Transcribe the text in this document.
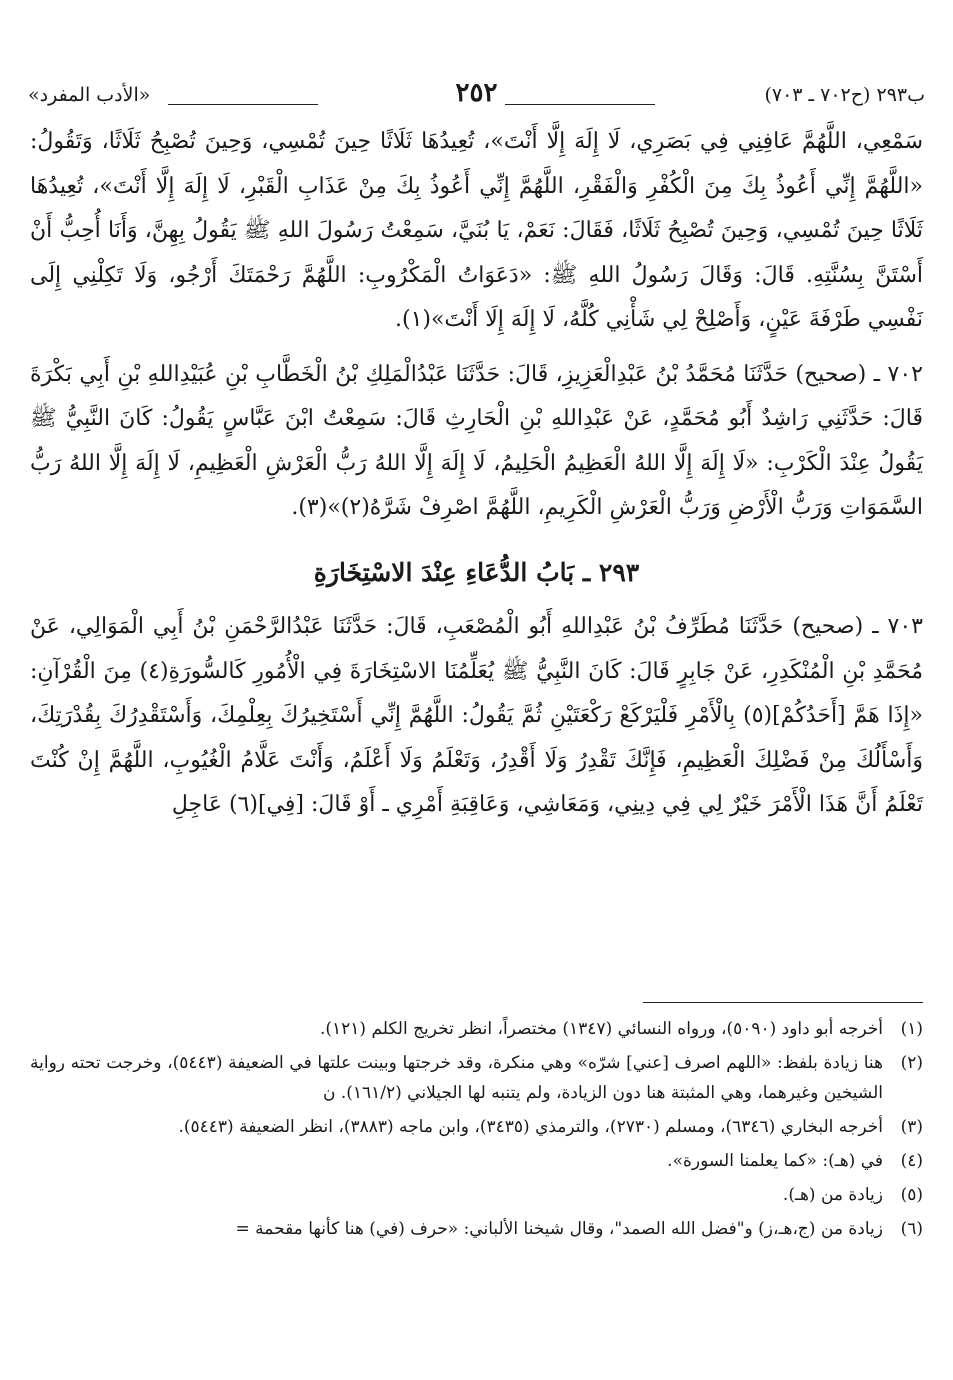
ب٢٩٣ (ح٧٠٢ ـ ٧٠٣)
٢٥٢
«الأدب المفرد»

سَمْعِي، اللَّهُمَّ عَافِنِي فِي بَصَرِي، لَا إِلَهَ إِلَّا أَنْتَ»، تُعِيدُهَا ثَلَاثًا حِينَ تُمْسِي، وَحِينَ تُصْبِحُ ثَلَاثًا، وَتَقُولُ: «اللَّهُمَّ إِنِّي أَعُوذُ بِكَ مِنَ الْكُفْرِ وَالْفَقْرِ، اللَّهُمَّ إِنِّي أَعُوذُ بِكَ مِنْ عَذَابِ الْقَبْرِ، لَا إِلَهَ إِلَّا أَنْتَ»، تُعِيدُهَا ثَلَاثًا حِينَ تُمْسِي، وَحِينَ تُصْبِحُ ثَلَاثًا، فَقَالَ: نَعَمْ، يَا بُنَيَّ، سَمِعْتُ رَسُولَ اللهِ ﷺ يَقُولُ بِهِنَّ، وَأَنَا أُحِبُّ أَنْ أَسْتَنَّ بِسُنَّتِهِ. قَالَ: وَقَالَ رَسُولُ اللهِ ﷺ: «دَعَوَاتُ الْمَكْرُوبِ: اللَّهُمَّ رَحْمَتَكَ أَرْجُو، وَلَا تَكِلْنِي إِلَى نَفْسِي طَرْفَةَ عَيْنٍ، وَأَصْلِحْ لِي شَأْنِي كُلَّهُ، لَا إِلَهَ إِلَا أَنْتَ»(١).

٧٠٢ ـ (صحيح) حَدَّثَنَا مُحَمَّدُ بْنُ عَبْدِالْعَزِيزِ، قَالَ: حَدَّثَنَا عَبْدُالْمَلِكِ بْنُ الْخَطَّابِ بْنِ عُبَيْدِاللهِ بْنِ أَبِي بَكْرَةَ قَالَ: حَدَّثَنِي رَاشِدٌ أَبُو مُحَمَّدٍ، عَنْ عَبْدِاللهِ بْنِ الْحَارِثِ قَالَ: سَمِعْتُ ابْنَ عَبَّاسٍ يَقُولُ: كَانَ النَّبِيُّ ﷺ يَقُولُ عِنْدَ الْكَرْبِ: «لَا إِلَهَ إِلَّا اللهُ الْعَظِيمُ الْحَلِيمُ، لَا إِلَهَ إِلَّا اللهُ رَبُّ الْعَرْشِ الْعَظِيمِ، لَا إِلَهَ إِلَّا اللهُ رَبُّ السَّمَوَاتِ وَرَبُّ الْأَرْضِ وَرَبُّ الْعَرْشِ الْكَرِيمِ، اللَّهُمَّ اصْرِفْ شَرَّهُ(٢)»(٣).

٢٩٣ ـ بَابُ الدُّعَاءِ عِنْدَ الاسْتِخَارَةِ

٧٠٣ ـ (صحيح) حَدَّثَنَا مُطَرِّفُ بْنُ عَبْدِاللهِ أَبُو الْمُصْعَبِ، قَالَ: حَدَّثَنَا عَبْدُالرَّحْمَنِ بْنُ أَبِي الْمَوَالِي، عَنْ مُحَمَّدِ بْنِ الْمُنْكَدِرِ، عَنْ جَابِرٍ قَالَ: كَانَ النَّبِيُّ ﷺ يُعَلِّمُنَا الاسْتِخَارَةَ فِي الْأُمُورِ كَالسُّورَةِ(٤) مِنَ الْقُرْآنِ: «إِذَا هَمَّ [أَحَدُكُمْ](٥) بِالْأَمْرِ فَلْيَرْكَعْ رَكْعَتَيْنِ ثُمَّ يَقُولُ: اللَّهُمَّ إِنِّي أَسْتَخِيرُكَ بِعِلْمِكَ، وَأَسْتَقْدِرُكَ بِقُدْرَتِكَ، وَأَسْأَلُكَ مِنْ فَضْلِكَ الْعَظِيمِ، فَإِنَّكَ تَقْدِرُ وَلَا أَقْدِرُ، وَتَعْلَمُ وَلَا أَعْلَمُ، وَأَنْتَ عَلَّامُ الْغُيُوبِ، اللَّهُمَّ إِنْ كُنْتَ تَعْلَمُ أَنَّ هَذَا الْأَمْرَ خَيْرٌ لِي فِي دِينِي، وَمَعَاشِي، وَعَاقِبَةِ أَمْرِي ـ أَوْ قَالَ: [فِي](٦) عَاجِلِ

(١)
أخرجه أبو داود (٥٠٩٠)، ورواه النسائي (١٣٤٧) مختصراً، انظر تخريج الكلم (١٢١).
(٢)
هنا زيادة بلفظ: «اللهم اصرف [عني] شرّه» وهي منكرة، وقد خرجتها وبينت علتها في الضعيفة (٥٤٤٣)، وخرجت تحته رواية الشيخين وغيرهما، وهي المثبتة هنا دون الزيادة، ولم يتنبه لها الجيلاني (١٦١/٢). ن
(٣)
أخرجه البخاري (٦٣٤٦)، ومسلم (٢٧٣٠)، والترمذي (٣٤٣٥)، وابن ماجه (٣٨٨٣)، انظر الضعيفة (٥٤٤٣).
(٤)
في (هـ): «كما يعلمنا السورة».
(٥)
زيادة من (هـ).
(٦)
زيادة من (ج،هـ،ز) و"فضل الله الصمد"، وقال شيخنا الألباني: «حرف (في) هنا كأنها مقحمة =
